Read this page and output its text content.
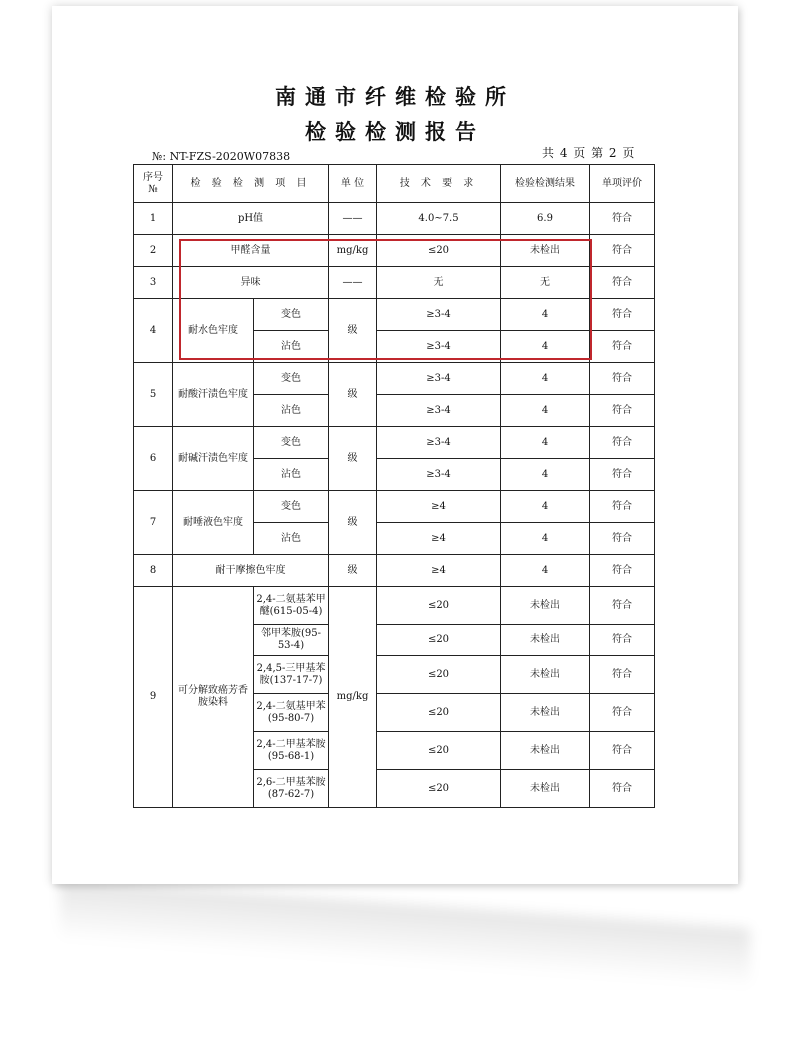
南通市纤维检验所
检验检测报告
共 4 页 第 2 页
№: NT-FZS-2020W07838
序号
№	检 验 检 测 项 目		单 位	技 术 要 求	检验检测结果	单项评价
1	pH值		——	4.0~7.5	6.9	符合
2	甲醛含量		mg/kg	≤20	未检出	符合
3	异味		——	无	无	符合
4	耐水色牢度	变色	级	≥3-4	4	符合
		沾色		≥3-4	4	符合
5	耐酸汗渍色牢度	变色	级	≥3-4	4	符合
		沾色		≥3-4	4	符合
6	耐碱汗渍色牢度	变色	级	≥3-4	4	符合
		沾色		≥3-4	4	符合
7	耐唾液色牢度	变色	级	≥4	4	符合
		沾色		≥4	4	符合
8	耐干摩擦色牢度		级	≥4	4	符合
9	可分解致癌芳香胺染料	2,4-二氨基苯甲醚(615-05-4)	mg/kg	≤20	未检出	符合
		邻甲苯胺(95-53-4)		≤20	未检出	符合
		2,4,5-三甲基苯胺(137-17-7)		≤20	未检出	符合
		2,4-二氨基甲苯(95-80-7)		≤20	未检出	符合
		2,4-二甲基苯胺(95-68-1)		≤20	未检出	符合
		2,6-二甲基苯胺(87-62-7)		≤20	未检出	符合
